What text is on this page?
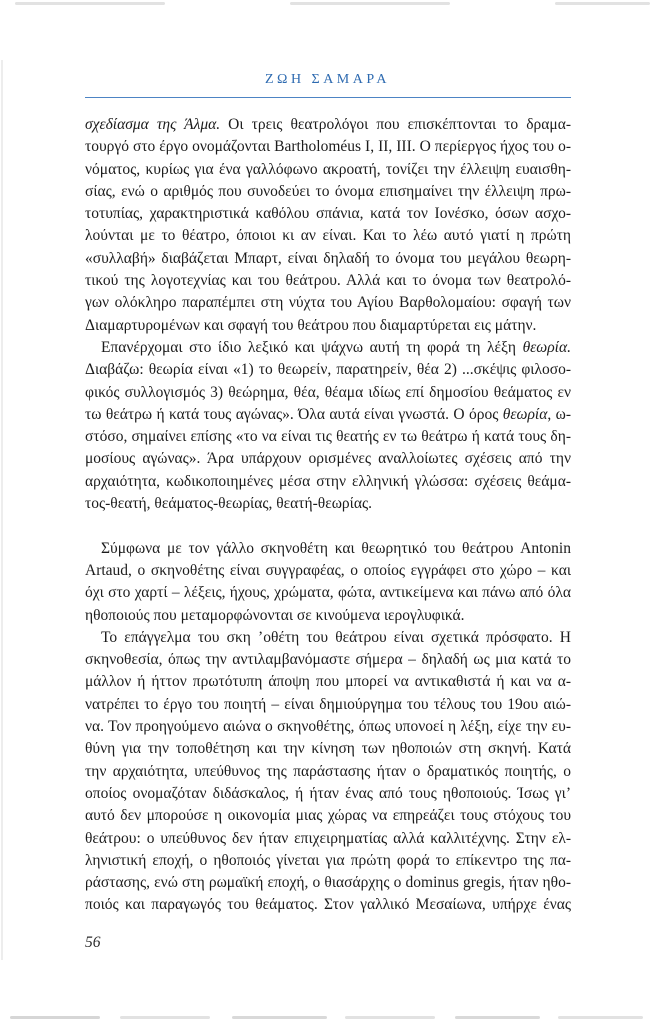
ΖΩΗ ΣΑΜΑΡΑ
σχεδίασμα της Άλμα. Οι τρεις θεατρολόγοι που επισκέπτονται το δραμα-
τουργό στο έργο ονομάζονται Bartholoméus I, II, III. Ο περίεργος ήχος του ο-
νόματος, κυρίως για ένα γαλλόφωνο ακροατή, τονίζει την έλλειψη ευαισθη-
σίας, ενώ ο αριθμός που συνοδεύει το όνομα επισημαίνει την έλλειψη πρω-
τοτυπίας, χαρακτηριστικά καθόλου σπάνια, κατά τον Ιονέσκο, όσων ασχο-
λούνται με το θέατρο, όποιοι κι αν είναι. Και το λέω αυτό γιατί η πρώτη
«συλλαβή» διαβάζεται Μπαρτ, είναι δηλαδή το όνομα του μεγάλου θεωρη-
τικού της λογοτεχνίας και του θεάτρου. Αλλά και το όνομα των θεατρολό-
γων ολόκληρο παραπέμπει στη νύχτα του Αγίου Βαρθολομαίου: σφαγή των
Διαμαρτυρομένων και σφαγή του θεάτρου που διαμαρτύρεται εις μάτην.
Επανέρχομαι στο ίδιο λεξικό και ψάχνω αυτή τη φορά τη λέξη θεωρία.
Διαβάζω: θεωρία είναι «1) το θεωρείν, παρατηρείν, θέα 2) ...σκέψις φιλοσο-
φικός συλλογισμός 3) θεώρημα, θέα, θέαμα ιδίως επί δημοσίου θεάματος εν
τω θεάτρω ή κατά τους αγώνας». Όλα αυτά είναι γνωστά. Ο όρος θεωρία, ω-
στόσο, σημαίνει επίσης «το να είναι τις θεατής εν τω θεάτρω ή κατά τους δη-
μοσίους αγώνας». Άρα υπάρχουν ορισμένες αναλλοίωτες σχέσεις από την
αρχαιότητα, κωδικοποιημένες μέσα στην ελληνική γλώσσα: σχέσεις θεάμα-
τος-θεατή, θεάματος-θεωρίας, θεατή-θεωρίας.
Σύμφωνα με τον γάλλο σκηνοθέτη και θεωρητικό του θεάτρου Antonin
Artaud, ο σκηνοθέτης είναι συγγραφέας, ο οποίος εγγράφει στο χώρο – και
όχι στο χαρτί – λέξεις, ήχους, χρώματα, φώτα, αντικείμενα και πάνω από όλα
ηθοποιούς που μεταμορφώνονται σε κινούμενα ιερογλυφικά.
Το επάγγελμα του σκη ’οθέτη του θεάτρου είναι σχετικά πρόσφατο. Η
σκηνοθεσία, όπως την αντιλαμβανόμαστε σήμερα – δηλαδή ως μια κατά το
μάλλον ή ήττον πρωτότυπη άποψη που μπορεί να αντικαθιστά ή και να α-
νατρέπει το έργο του ποιητή – είναι δημιούργημα του τέλους του 19ου αιώ-
να. Τον προηγούμενο αιώνα ο σκηνοθέτης, όπως υπονοεί η λέξη, είχε την ευ-
θύνη για την τοποθέτηση και την κίνηση των ηθοποιών στη σκηνή. Κατά
την αρχαιότητα, υπεύθυνος της παράστασης ήταν ο δραματικός ποιητής, ο
οποίος ονομαζόταν διδάσκαλος, ή ήταν ένας από τους ηθοποιούς. Ίσως γι’
αυτό δεν μπορούσε η οικονομία μιας χώρας να επηρεάζει τους στόχους του
θεάτρου: ο υπεύθυνος δεν ήταν επιχειρηματίας αλλά καλλιτέχνης. Στην ελ-
ληνιστική εποχή, ο ηθοποιός γίνεται για πρώτη φορά το επίκεντρο της πα-
ράστασης, ενώ στη ρωμαϊκή εποχή, ο θιασάρχης ο dominus gregis, ήταν ηθο-
ποιός και παραγωγός του θεάματος. Στον γαλλικό Μεσαίωνα, υπήρχε ένας
56
